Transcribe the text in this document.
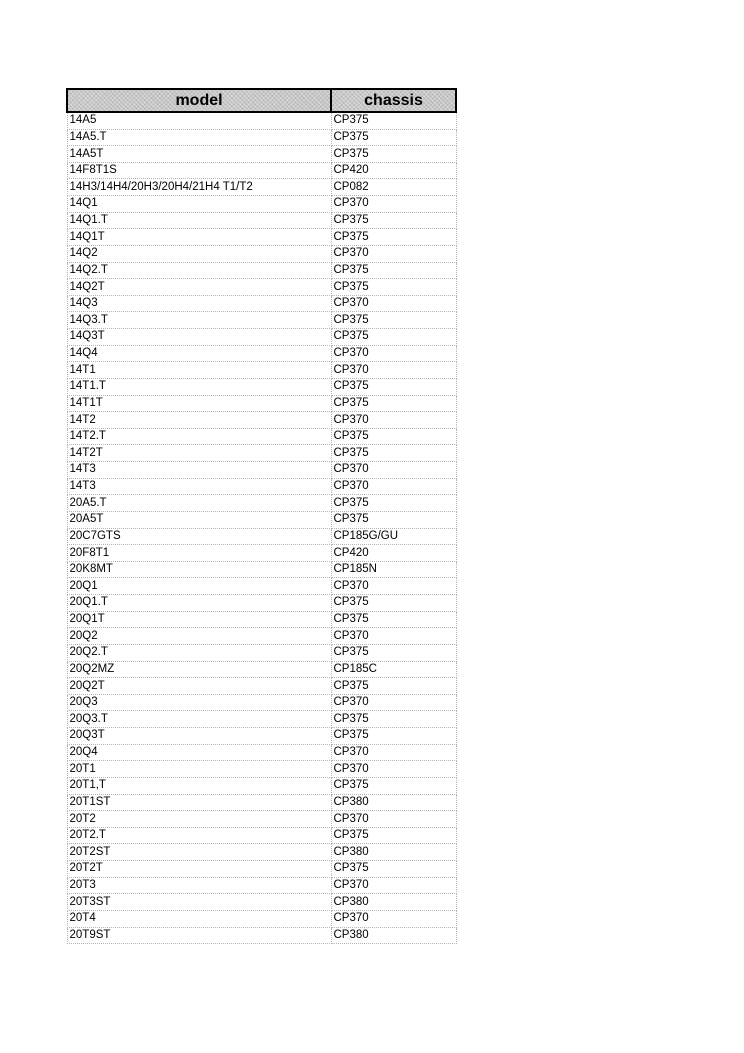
model	chassis
14A5	CP375
14A5.T	CP375
14A5T	CP375
14F8T1S	CP420
14H3/14H4/20H3/20H4/21H4 T1/T2	CP082
14Q1	CP370
14Q1.T	CP375
14Q1T	CP375
14Q2	CP370
14Q2.T	CP375
14Q2T	CP375
14Q3	CP370
14Q3.T	CP375
14Q3T	CP375
14Q4	CP370
14T1	CP370
14T1.T	CP375
14T1T	CP375
14T2	CP370
14T2.T	CP375
14T2T	CP375
14T3	CP370
14T3	CP370
20A5.T	CP375
20A5T	CP375
20C7GTS	CP185G/GU
20F8T1	CP420
20K8MT	CP185N
20Q1	CP370
20Q1.T	CP375
20Q1T	CP375
20Q2	CP370
20Q2.T	CP375
20Q2MZ	CP185C
20Q2T	CP375
20Q3	CP370
20Q3.T	CP375
20Q3T	CP375
20Q4	CP370
20T1	CP370
20T1,T	CP375
20T1ST	CP380
20T2	CP370
20T2.T	CP375
20T2ST	CP380
20T2T	CP375
20T3	CP370
20T3ST	CP380
20T4	CP370
20T9ST	CP380
